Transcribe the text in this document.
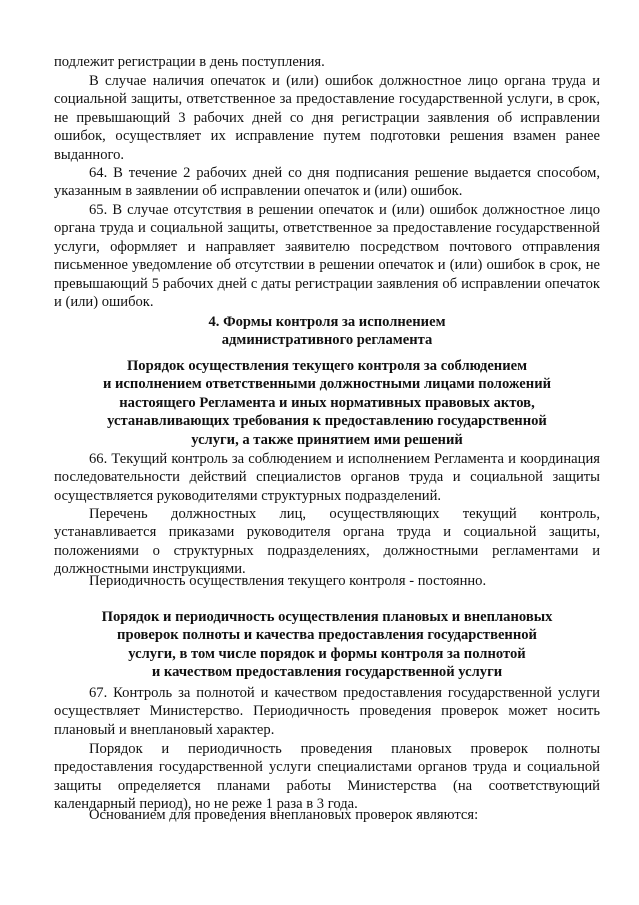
подлежит регистрации в день поступления.

В случае наличия опечаток и (или) ошибок должностное лицо органа труда и социальной защиты, ответственное за предоставление государственной услуги, в срок, не превышающий 3 рабочих дней со дня регистрации заявления об исправлении ошибок, осуществляет их исправление путем подготовки решения взамен ранее выданного.

64. В течение 2 рабочих дней со дня подписания решение выдается способом, указанным в заявлении об исправлении опечаток и (или) ошибок.

65. В случае отсутствия в решении опечаток и (или) ошибок должностное лицо органа труда и социальной защиты, ответственное за предоставление государственной услуги, оформляет и направляет заявителю посредством почтового отправления письменное уведомление об отсутствии в решении опечаток и (или) ошибок в срок, не превышающий 5 рабочих дней с даты регистрации заявления об исправлении опечаток и (или) ошибок.

4. Формы контроля за исполнением
административного регламента
Порядок осуществления текущего контроля за соблюдением
и исполнением ответственными должностными лицами положений
настоящего Регламента и иных нормативных правовых актов,
устанавливающих требования к предоставлению государственной
услуги, а также принятием ими решений

66. Текущий контроль за соблюдением и исполнением Регламента и координация последовательности действий специалистов органов труда и социальной защиты осуществляется руководителями структурных подразделений.

Перечень должностных лиц, осуществляющих текущий контроль, устанавливается приказами руководителя органа труда и социальной защиты, положениями о структурных подразделениях, должностными регламентами и должностными инструкциями.

Периодичность осуществления текущего контроля - постоянно.

Порядок и периодичность осуществления плановых и внеплановых
проверок полноты и качества предоставления государственной
услуги, в том числе порядок и формы контроля за полнотой
и качеством предоставления государственной услуги

67. Контроль за полнотой и качеством предоставления государственной услуги осуществляет Министерство. Периодичность проведения проверок может носить плановый и внеплановый характер.

Порядок и периодичность проведения плановых проверок полноты предоставления государственной услуги специалистами органов труда и социальной защиты определяется планами работы Министерства (на соответствующий календарный период), но не реже 1 раза в 3 года.

Основанием для проведения внеплановых проверок являются:
